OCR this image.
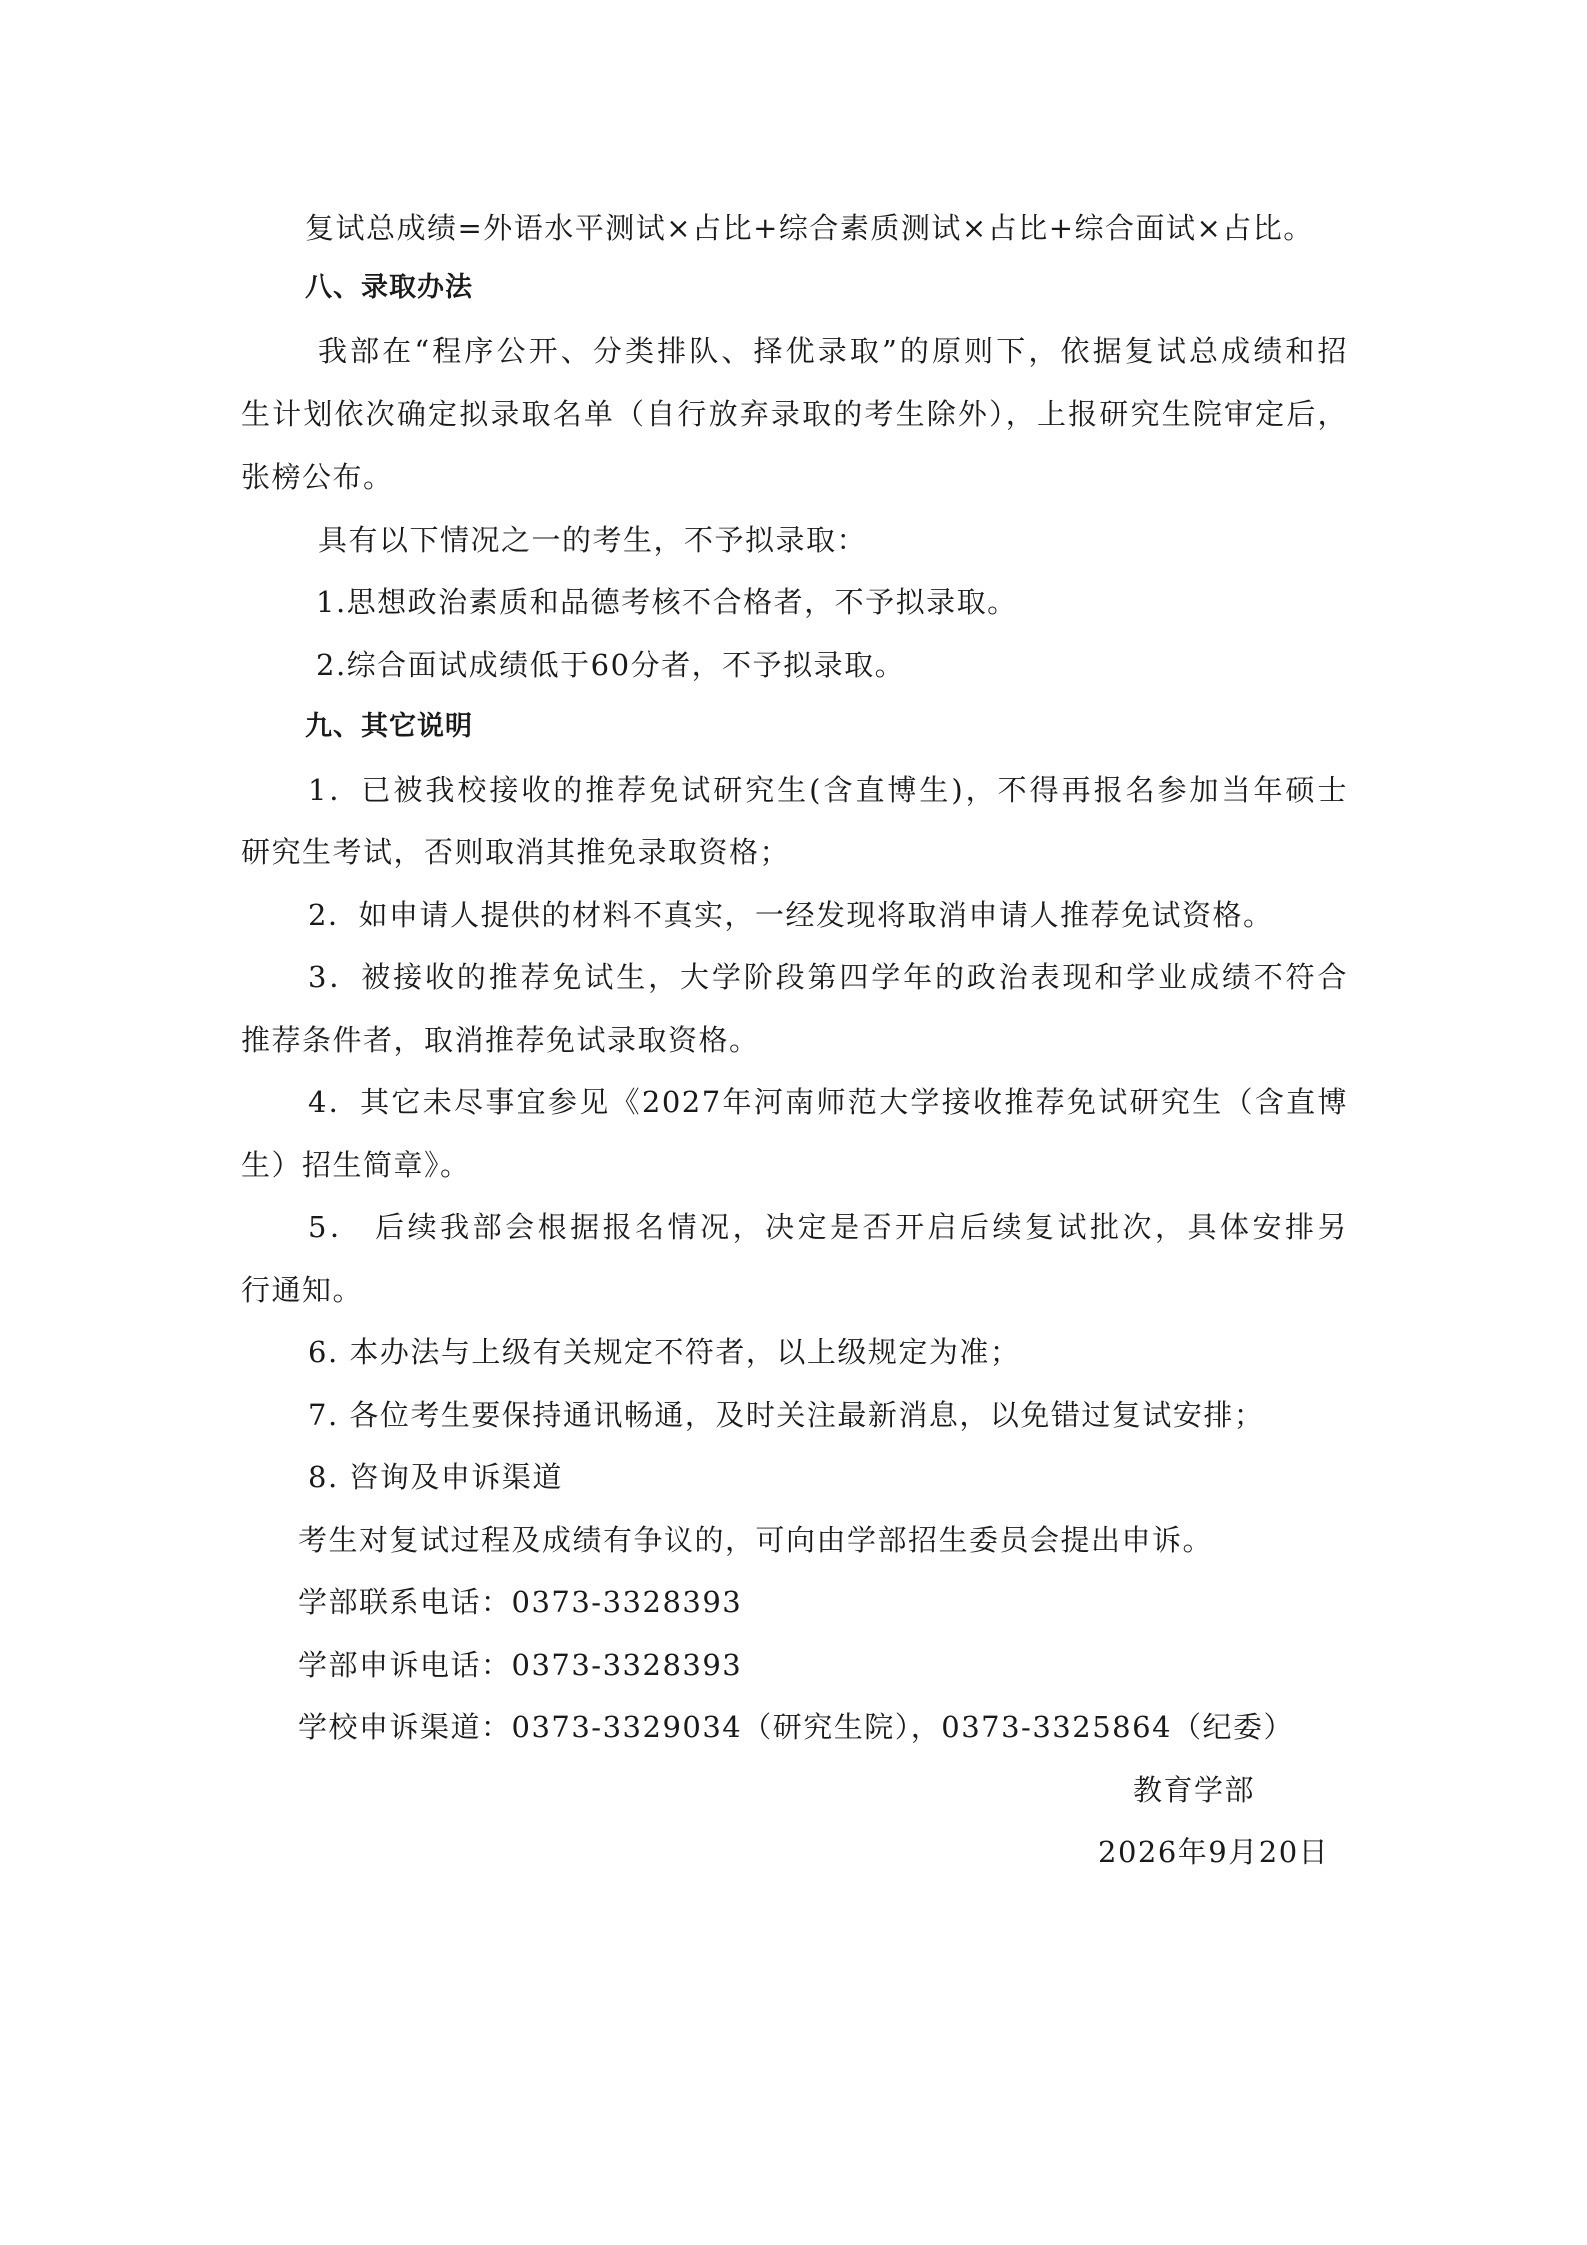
复试总成绩=外语水平测试×占比+综合素质测试×占比+综合面试×占比。
八、录取办法
我部在“程序公开、分类排队、择优录取”的原则下，依据复试总成绩和招
生计划依次确定拟录取名单（自行放弃录取的考生除外），上报研究生院审定后，
张榜公布。
具有以下情况之一的考生，不予拟录取：
1.思想政治素质和品德考核不合格者，不予拟录取。
2.综合面试成绩低于60分者，不予拟录取。
九、其它说明
1．已被我校接收的推荐免试研究生(含直博生)，不得再报名参加当年硕士
研究生考试，否则取消其推免录取资格；
2．如申请人提供的材料不真实，一经发现将取消申请人推荐免试资格。
3．被接收的推荐免试生，大学阶段第四学年的政治表现和学业成绩不符合
推荐条件者，取消推荐免试录取资格。
4．其它未尽事宜参见《2027年河南师范大学接收推荐免试研究生（含直博
生）招生简章》。
5． 后续我部会根据报名情况，决定是否开启后续复试批次，具体安排另
行通知。
6. 本办法与上级有关规定不符者，以上级规定为准；
7. 各位考生要保持通讯畅通，及时关注最新消息，以免错过复试安排；
8. 咨询及申诉渠道
考生对复试过程及成绩有争议的，可向由学部招生委员会提出申诉。
学部联系电话：0373-3328393
学部申诉电话：0373-3328393
学校申诉渠道：0373-3329034（研究生院），0373-3325864（纪委）
教育学部
2026年9月20日
